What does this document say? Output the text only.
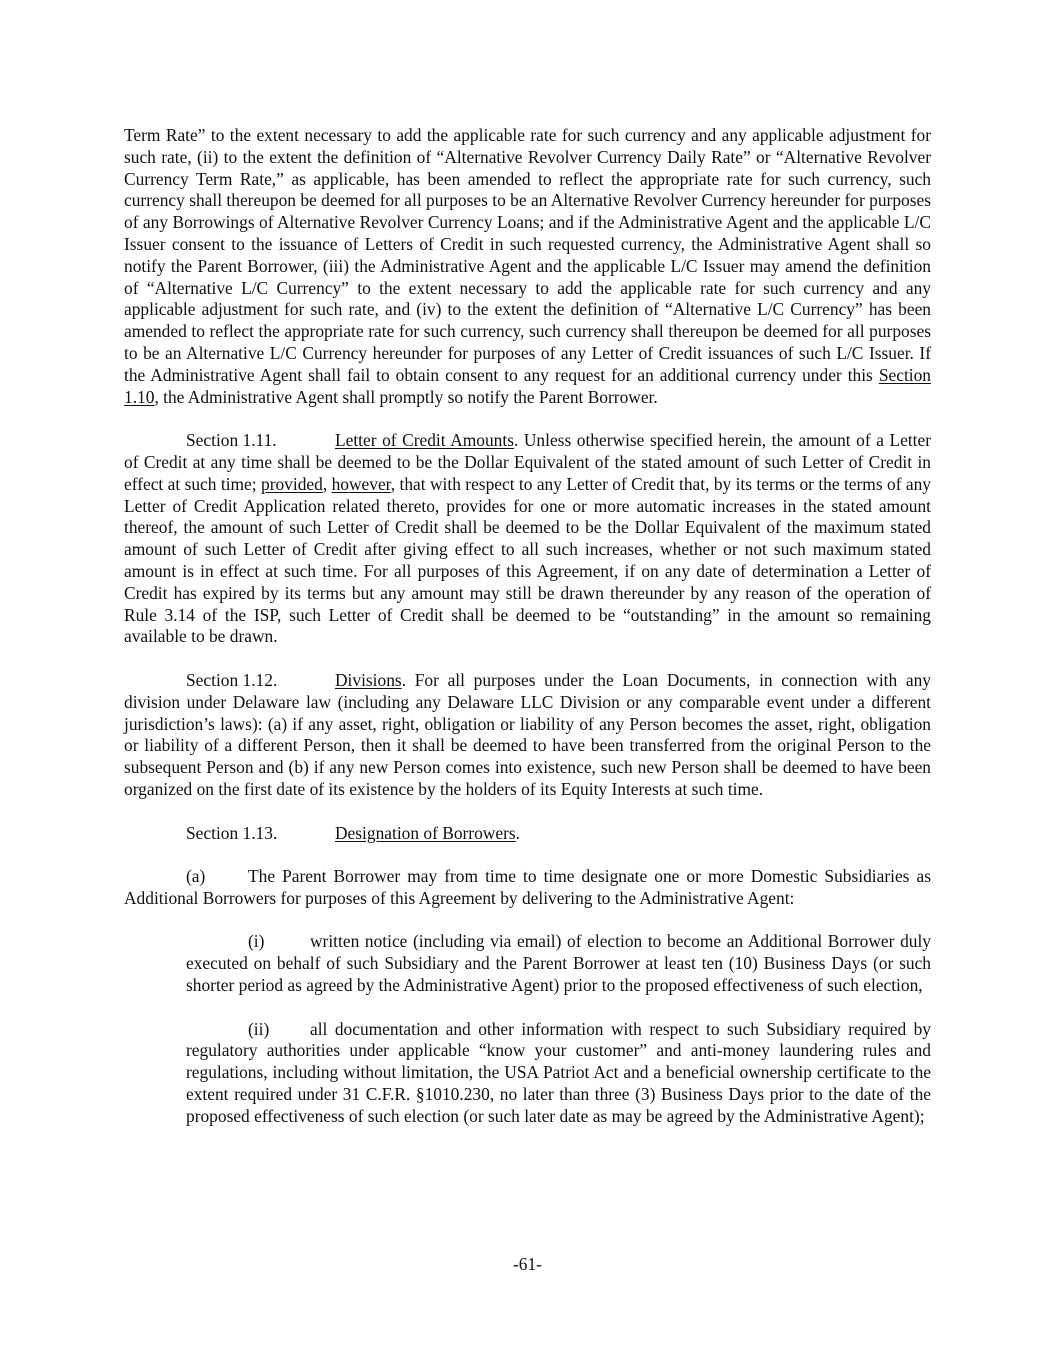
Term Rate” to the extent necessary to add the applicable rate for such currency and any applicable adjustment for such rate, (ii) to the extent the definition of “Alternative Revolver Currency Daily Rate” or “Alternative Revolver Currency Term Rate,” as applicable, has been amended to reflect the appropriate rate for such currency, such currency shall thereupon be deemed for all purposes to be an Alternative Revolver Currency hereunder for purposes of any Borrowings of Alternative Revolver Currency Loans; and if the Administrative Agent and the applicable L/C Issuer consent to the issuance of Letters of Credit in such requested currency, the Administrative Agent shall so notify the Parent Borrower, (iii) the Administrative Agent and the applicable L/C Issuer may amend the definition of “Alternative L/C Currency” to the extent necessary to add the applicable rate for such currency and any applicable adjustment for such rate, and (iv) to the extent the definition of “Alternative L/C Currency” has been amended to reflect the appropriate rate for such currency, such currency shall thereupon be deemed for all purposes to be an Alternative L/C Currency hereunder for purposes of any Letter of Credit issuances of such L/C Issuer. If the Administrative Agent shall fail to obtain consent to any request for an additional currency under this Section 1.10, the Administrative Agent shall promptly so notify the Parent Borrower.

Section 1.11.	Letter of Credit Amounts. Unless otherwise specified herein, the amount of a Letter of Credit at any time shall be deemed to be the Dollar Equivalent of the stated amount of such Letter of Credit in effect at such time; provided, however, that with respect to any Letter of Credit that, by its terms or the terms of any Letter of Credit Application related thereto, provides for one or more automatic increases in the stated amount thereof, the amount of such Letter of Credit shall be deemed to be the Dollar Equivalent of the maximum stated amount of such Letter of Credit after giving effect to all such increases, whether or not such maximum stated amount is in effect at such time. For all purposes of this Agreement, if on any date of determination a Letter of Credit has expired by its terms but any amount may still be drawn thereunder by any reason of the operation of Rule 3.14 of the ISP, such Letter of Credit shall be deemed to be “outstanding” in the amount so remaining available to be drawn.

Section 1.12.	Divisions. For all purposes under the Loan Documents, in connection with any division under Delaware law (including any Delaware LLC Division or any comparable event under a different jurisdiction’s laws): (a) if any asset, right, obligation or liability of any Person becomes the asset, right, obligation or liability of a different Person, then it shall be deemed to have been transferred from the original Person to the subsequent Person and (b) if any new Person comes into existence, such new Person shall be deemed to have been organized on the first date of its existence by the holders of its Equity Interests at such time.

Section 1.13.	Designation of Borrowers.

(a) The Parent Borrower may from time to time designate one or more Domestic Subsidiaries as Additional Borrowers for purposes of this Agreement by delivering to the Administrative Agent:

(i)	written notice (including via email) of election to become an Additional Borrower duly executed on behalf of such Subsidiary and the Parent Borrower at least ten (10) Business Days (or such shorter period as agreed by the Administrative Agent) prior to the proposed effectiveness of such election,

(ii) all documentation and other information with respect to such Subsidiary required by regulatory authorities under applicable “know your customer” and anti-money laundering rules and regulations, including without limitation, the USA Patriot Act and a beneficial ownership certificate to the extent required under 31 C.F.R. §1010.230, no later than three (3) Business Days prior to the date of the proposed effectiveness of such election (or such later date as may be agreed by the Administrative Agent);

-61-
